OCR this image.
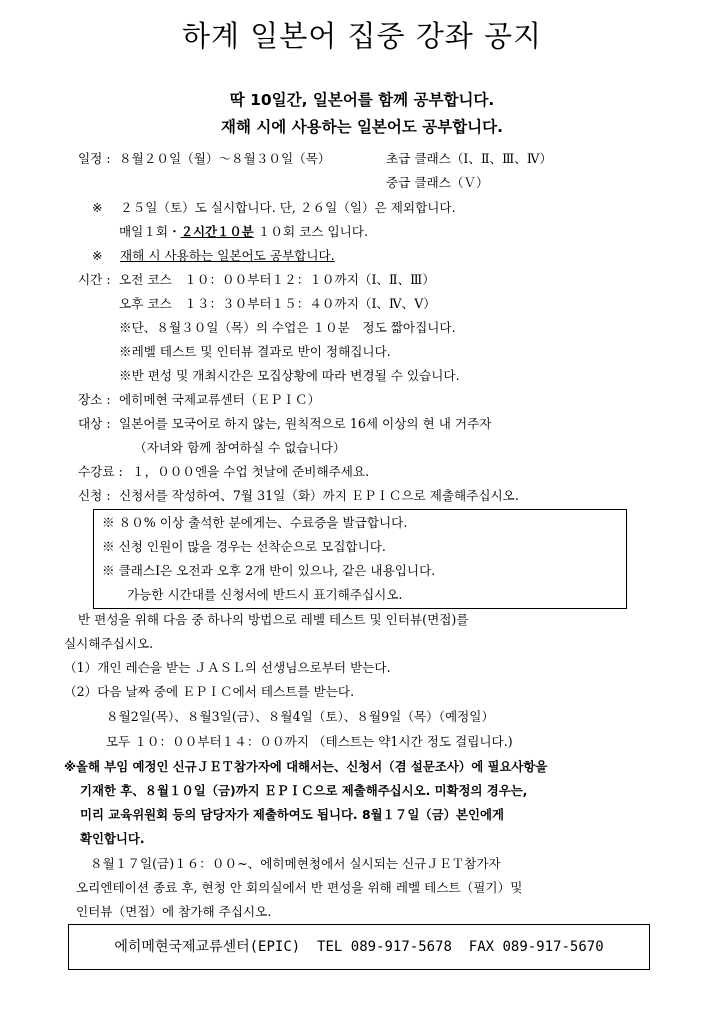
하계 일본어 집중 강좌 공지
딱 10일간, 일본어를 함께 공부합니다.
재해 시에 사용하는 일본어도 공부합니다.
일정 : ８월２０일（월）～８월３０일（목）	초급 클래스（Ⅰ、Ⅱ、Ⅲ、Ⅳ）
중급 클래스（Ｖ）
※ ２５일（토）도 실시합니다. 단, ２６일（일）은 제외합니다.
매일１회・２시간１０분 １０회 코스 입니다.
※ 재해 시 사용하는 일본어도 공부합니다.
시간 : 오전 코스　１０：００부터１２：１０까지（Ⅰ、Ⅱ、Ⅲ）
오후 코스　１３：３０부터１５：４０까지（Ⅰ、Ⅳ、Ⅴ）
※단、８월３０일（목）의 수업은 １０분　정도 짧아집니다.
※레벨 테스트 및 인터뷰 결과로 반이 정해집니다.
※반 편성 및 개최시간은 모집상황에 따라 변경될 수 있습니다.
장소 : 에히메현 국제교류센터（ＥＰＩＣ）
대상 : 일본어를 모국어로 하지 않는, 원칙적으로 16세 이상의 현 내 거주자
（자녀와 함께 참여하실 수 없습니다）
수강료 : １，０００엔을 수업 첫날에 준비해주세요.
신청 : 신청서를 작성하여、7월 31일（화）까지 ＥＰＩＣ으로 제출해주십시오.
※ ８０% 이상 출석한 분에게는、수료증을 발급합니다.
※ 신청 인원이 많을 경우는 선착순으로 모집합니다.
※ 클래스Ⅰ은 오전과 오후 2개 반이 있으나, 같은 내용입니다.
가능한 시간대를 신청서에 반드시 표기해주십시오.
반 편성을 위해 다음 중 하나의 방법으로 레벨 테스트 및 인터뷰(면접)를
실시해주십시오.
（1）개인 레슨을 받는 ＪＡＳＬ의 선생님으로부터 받는다.
（2）다음 날짜 중에 ＥＰＩＣ에서 테스트를 받는다.
８월2일(목）、８월3일(금）、８월4일（토）、８월9일（목）（예정일）
모두 １０：００부터１４：００까지 （테스트는 약1시간 정도 걸립니다.)
※올해 부임 예정인 신규ＪＥＴ참가자에 대해서는、신청서（겸 설문조사）에 필요사항을
기재한 후、８월１０일（금)까지 ＥＰＩＣ으로 제출해주십시오. 미확정의 경우는,
미리 교육위원회 등의 담당자가 제출하여도 됩니다. 8월１７일（금）본인에게
확인합니다.
８월１７일(금)１６：００~、에히메현청에서 실시되는 신규ＪＥＴ참가자
오리엔테이션 종료 후, 현청 안 회의실에서 반 편성을 위해 레벨 테스트（필기）및
인터뷰（면접）에 참가해 주십시오.
에히메현국제교류센터(EPIC) TEL 089-917-5678 FAX 089-917-5670
